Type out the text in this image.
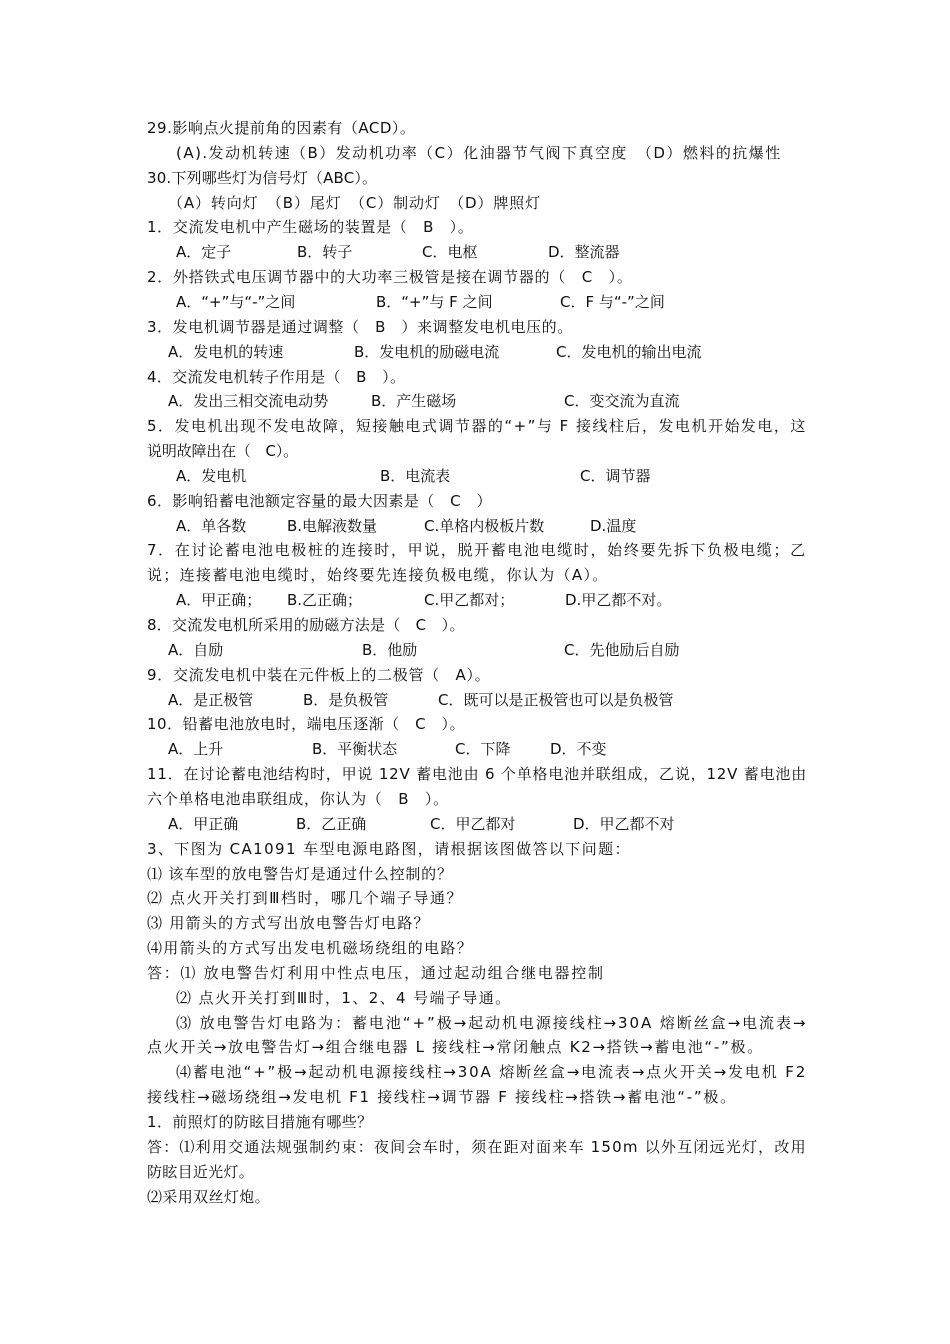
29.影响点火提前角的因素有（ACD）。
(A).发动机转速（B）发动机功率（C）化油器节气阀下真空度　（D）燃料的抗爆性
30.下列哪些灯为信号灯（ABC）。
（A）转向灯　（B）尾灯　（C）制动灯　（D）牌照灯
1．交流发电机中产生磁场的装置是（　B　）。
A．定子	B．转子	C．电枢	D．整流器
2．外搭铁式电压调节器中的大功率三极管是接在调节器的（　C　）。
A．“+”与“-”之间	B．“+”与 F 之间	C．F 与“-”之间
3．发电机调节器是通过调整（　B　）来调整发电机电压的。
A．发电机的转速	B．发电机的励磁电流	C．发电机的输出电流
4．交流发电机转子作用是（　B　）。
A．发出三相交流电动势	B．产生磁场	C．变交流为直流
5．发电机出现不发电故障，短接触电式调节器的“+”与 F 接线柱后，发电机开始发电，这
说明故障出在（　C）。
A．发电机	B．电流表	C．调节器
6．影响铅蓄电池额定容量的最大因素是（　C　）
A．单各数	B.电解液数量	C.单格内极板片数	D.温度
7．在讨论蓄电池电极桩的连接时，甲说，脱开蓄电池电缆时，始终要先拆下负极电缆；乙
说；连接蓄电池电缆时，始终要先连接负极电缆，你认为（A）。
A．甲正确； B.乙正确；	C.甲乙都对；	D.甲乙都不对。
8．交流发电机所采用的励磁方法是（　C　）。
A．自励	B．他励	C．先他励后自励
9．交流发电机中装在元件板上的二极管（　A）。
A．是正极管	B．是负极管	C．既可以是正极管也可以是负极管
10．铅蓄电池放电时，端电压逐渐（　C　）。
A．上升	B．平衡状态	C．下降	D．不变
11．在讨论蓄电池结构时，甲说 12V 蓄电池由 6 个单格电池并联组成，乙说，12V 蓄电池由
六个单格电池串联组成，你认为（　B　）。
A．甲正确	B．乙正确	C．甲乙都对	D．甲乙都不对
3、下图为 CA1091 车型电源电路图，请根据该图做答以下问题：
⑴ 该车型的放电警告灯是通过什么控制的？
⑵ 点火开关打到Ⅲ档时，哪几个端子导通？
⑶ 用箭头的方式写出放电警告灯电路？
⑷用箭头的方式写出发电机磁场绕组的电路？
答：⑴ 放电警告灯利用中性点电压，通过起动组合继电器控制
⑵ 点火开关打到Ⅲ时，1、2、4 号端子导通。
⑶ 放电警告灯电路为：蓄电池“+”极→起动机电源接线柱→30A 熔断丝盒→电流表→
点火开关→放电警告灯→组合继电器 L 接线柱→常闭触点 K2→搭铁→蓄电池“-”极。
⑷蓄电池“+”极→起动机电源接线柱→30A 熔断丝盒→电流表→点火开关→发电机 F2
接线柱→磁场绕组→发电机 F1 接线柱→调节器 F 接线柱→搭铁→蓄电池“-”极。
1．前照灯的防眩目措施有哪些？
答：⑴利用交通法规强制约束：夜间会车时，须在距对面来车 150m 以外互闭远光灯，改用
防眩目近光灯。
⑵采用双丝灯炮。
